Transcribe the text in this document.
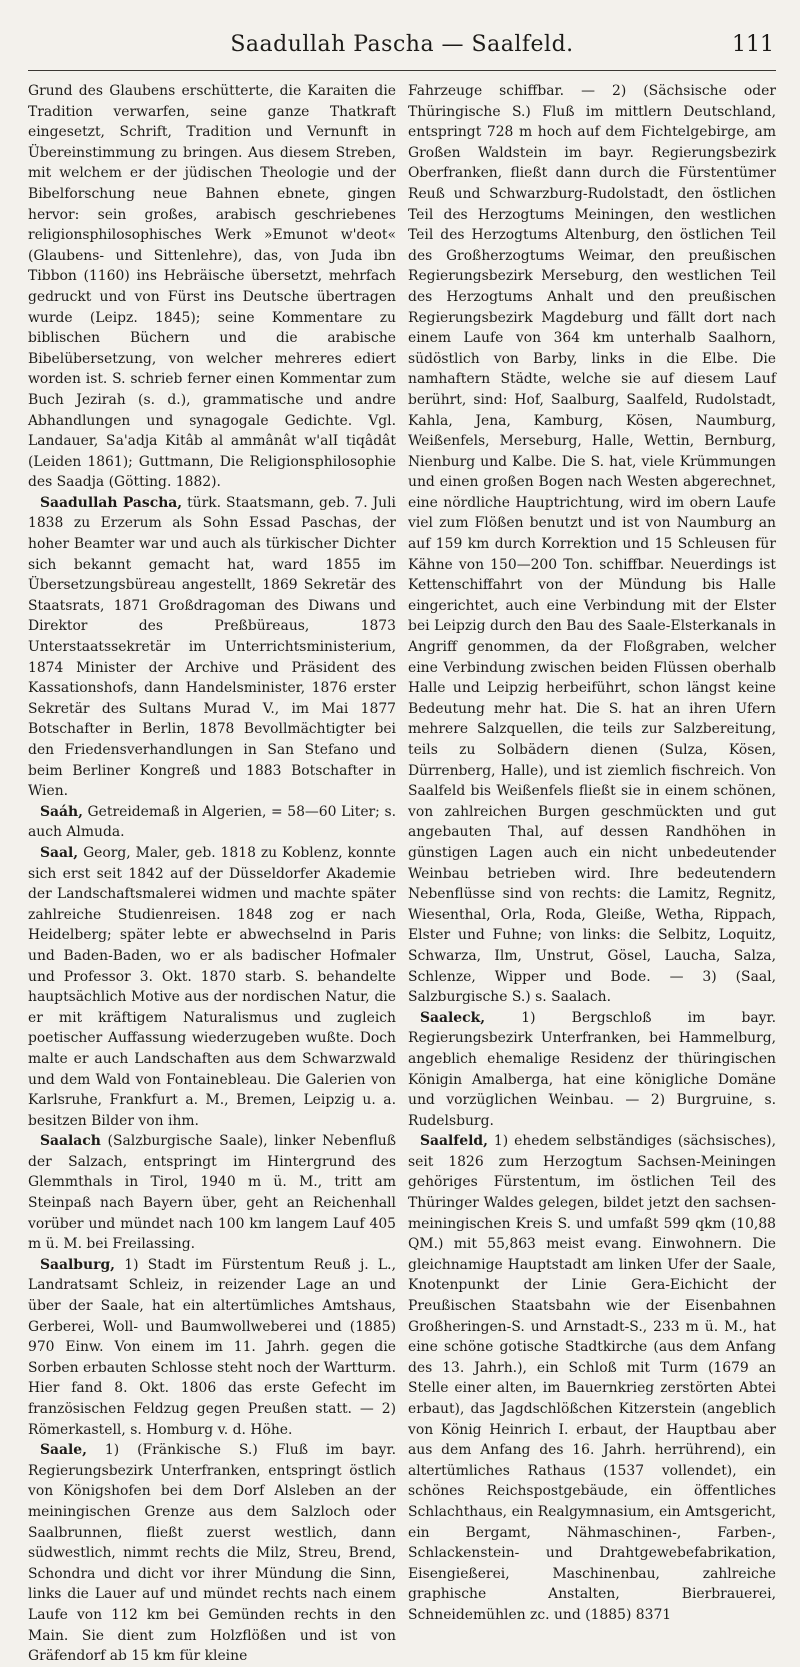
Saadullah Pascha — Saalfeld.	111

Grund des Glaubens erschütterte, die Karaiten die Tradition verwarfen, seine ganze Thatkraft eingesetzt, Schrift, Tradition und Vernunft in Übereinstimmung zu bringen. Aus diesem Streben, mit welchem er der jüdischen Theologie und der Bibelforschung neue Bahnen ebnete, gingen hervor: sein großes, arabisch geschriebenes religionsphilosophisches Werk »Emunot w'deot« (Glaubens- und Sittenlehre), das, von Juda ibn Tibbon (1160) ins Hebräische übersetzt, mehrfach gedruckt und von Fürst ins Deutsche übertragen wurde (Leipz. 1845); seine Kommentare zu biblischen Büchern und die arabische Bibelübersetzung, von welcher mehreres ediert worden ist. S. schrieb ferner einen Kommentar zum Buch Jezirah (s. d.), grammatische und andre Abhandlungen und synagogale Gedichte. Vgl. Landauer, Sa'adja Kitâb al ammânât w'alI tiqâdât (Leiden 1861); Guttmann, Die Religionsphilosophie des Saadja (Götting. 1882).

Saadullah Pascha, türk. Staatsmann, geb. 7. Juli 1838 zu Erzerum als Sohn Essad Paschas, der hoher Beamter war und auch als türkischer Dichter sich bekannt gemacht hat, ward 1855 im Übersetzungsbüreau angestellt, 1869 Sekretär des Staatsrats, 1871 Großdragoman des Diwans und Direktor des Preßbüreaus, 1873 Unterstaatssekretär im Unterrichtsministerium, 1874 Minister der Archive und Präsident des Kassationshofs, dann Handelsminister, 1876 erster Sekretär des Sultans Murad V., im Mai 1877 Botschafter in Berlin, 1878 Bevollmächtigter bei den Friedensverhandlungen in San Stefano und beim Berliner Kongreß und 1883 Botschafter in Wien.

Saáh, Getreidemaß in Algerien, = 58—60 Liter; s. auch Almuda.

Saal, Georg, Maler, geb. 1818 zu Koblenz, konnte sich erst seit 1842 auf der Düsseldorfer Akademie der Landschaftsmalerei widmen und machte später zahlreiche Studienreisen. 1848 zog er nach Heidelberg; später lebte er abwechselnd in Paris und Baden-Baden, wo er als badischer Hofmaler und Professor 3. Okt. 1870 starb. S. behandelte hauptsächlich Motive aus der nordischen Natur, die er mit kräftigem Naturalismus und zugleich poetischer Auffassung wiederzugeben wußte. Doch malte er auch Landschaften aus dem Schwarzwald und dem Wald von Fontainebleau. Die Galerien von Karlsruhe, Frankfurt a. M., Bremen, Leipzig u. a. besitzen Bilder von ihm.

Saalach (Salzburgische Saale), linker Nebenfluß der Salzach, entspringt im Hintergrund des Glemmthals in Tirol, 1940 m ü. M., tritt am Steinpaß nach Bayern über, geht an Reichenhall vorüber und mündet nach 100 km langem Lauf 405 m ü. M. bei Freilassing.

Saalburg, 1) Stadt im Fürstentum Reuß j. L., Landratsamt Schleiz, in reizender Lage an und über der Saale, hat ein altertümliches Amtshaus, Gerberei, Woll- und Baumwollweberei und (1885) 970 Einw. Von einem im 11. Jahrh. gegen die Sorben erbauten Schlosse steht noch der Wartturm. Hier fand 8. Okt. 1806 das erste Gefecht im französischen Feldzug gegen Preußen statt. — 2) Römerkastell, s. Homburg v. d. Höhe.

Saale, 1) (Fränkische S.) Fluß im bayr. Regierungsbezirk Unterfranken, entspringt östlich von Königshofen bei dem Dorf Alsleben an der meiningischen Grenze aus dem Salzloch oder Saalbrunnen, fließt zuerst westlich, dann südwestlich, nimmt rechts die Milz, Streu, Brend, Schondra und dicht vor ihrer Mündung die Sinn, links die Lauer auf und mündet rechts nach einem Laufe von 112 km bei Gemünden rechts in den Main. Sie dient zum Holzflößen und ist von Gräfendorf ab 15 km für kleine

Fahrzeuge schiffbar. — 2) (Sächsische oder Thüringische S.) Fluß im mittlern Deutschland, entspringt 728 m hoch auf dem Fichtelgebirge, am Großen Waldstein im bayr. Regierungsbezirk Oberfranken, fließt dann durch die Fürstentümer Reuß und Schwarzburg-Rudolstadt, den östlichen Teil des Herzogtums Meiningen, den westlichen Teil des Herzogtums Altenburg, den östlichen Teil des Großherzogtums Weimar, den preußischen Regierungsbezirk Merseburg, den westlichen Teil des Herzogtums Anhalt und den preußischen Regierungsbezirk Magdeburg und fällt dort nach einem Laufe von 364 km unterhalb Saalhorn, südöstlich von Barby, links in die Elbe. Die namhaftern Städte, welche sie auf diesem Lauf berührt, sind: Hof, Saalburg, Saalfeld, Rudolstadt, Kahla, Jena, Kamburg, Kösen, Naumburg, Weißenfels, Merseburg, Halle, Wettin, Bernburg, Nienburg und Kalbe. Die S. hat, viele Krümmungen und einen großen Bogen nach Westen abgerechnet, eine nördliche Hauptrichtung, wird im obern Laufe viel zum Flößen benutzt und ist von Naumburg an auf 159 km durch Korrektion und 15 Schleusen für Kähne von 150—200 Ton. schiffbar. Neuerdings ist Kettenschiffahrt von der Mündung bis Halle eingerichtet, auch eine Verbindung mit der Elster bei Leipzig durch den Bau des Saale-Elsterkanals in Angriff genommen, da der Floßgraben, welcher eine Verbindung zwischen beiden Flüssen oberhalb Halle und Leipzig herbeiführt, schon längst keine Bedeutung mehr hat. Die S. hat an ihren Ufern mehrere Salzquellen, die teils zur Salzbereitung, teils zu Solbädern dienen (Sulza, Kösen, Dürrenberg, Halle), und ist ziemlich fischreich. Von Saalfeld bis Weißenfels fließt sie in einem schönen, von zahlreichen Burgen geschmückten und gut angebauten Thal, auf dessen Randhöhen in günstigen Lagen auch ein nicht unbedeutender Weinbau betrieben wird. Ihre bedeutendern Nebenflüsse sind von rechts: die Lamitz, Regnitz, Wiesenthal, Orla, Roda, Gleiße, Wetha, Rippach, Elster und Fuhne; von links: die Selbitz, Loquitz, Schwarza, Ilm, Unstrut, Gösel, Laucha, Salza, Schlenze, Wipper und Bode. — 3) (Saal, Salzburgische S.) s. Saalach.

Saaleck, 1) Bergschloß im bayr. Regierungsbezirk Unterfranken, bei Hammelburg, angeblich ehemalige Residenz der thüringischen Königin Amalberga, hat eine königliche Domäne und vorzüglichen Weinbau. — 2) Burgruine, s. Rudelsburg.

Saalfeld, 1) ehedem selbständiges (sächsisches), seit 1826 zum Herzogtum Sachsen-Meiningen gehöriges Fürstentum, im östlichen Teil des Thüringer Waldes gelegen, bildet jetzt den sachsen-meiningischen Kreis S. und umfaßt 599 qkm (10,88 QM.) mit 55,863 meist evang. Einwohnern. Die gleichnamige Hauptstadt am linken Ufer der Saale, Knotenpunkt der Linie Gera-Eichicht der Preußischen Staatsbahn wie der Eisenbahnen Großheringen-S. und Arnstadt-S., 233 m ü. M., hat eine schöne gotische Stadtkirche (aus dem Anfang des 13. Jahrh.), ein Schloß mit Turm (1679 an Stelle einer alten, im Bauernkrieg zerstörten Abtei erbaut), das Jagdschlößchen Kitzerstein (angeblich von König Heinrich I. erbaut, der Hauptbau aber aus dem Anfang des 16. Jahrh. herrührend), ein altertümliches Rathaus (1537 vollendet), ein schönes Reichspostgebäude, ein öffentliches Schlachthaus, ein Realgymnasium, ein Amtsgericht, ein Bergamt, Nähmaschinen-, Farben-, Schlackenstein- und Drahtgewebefabrikation, Eisengießerei, Maschinenbau, zahlreiche graphische Anstalten, Bierbrauerei, Schneidemühlen zc. und (1885) 8371
